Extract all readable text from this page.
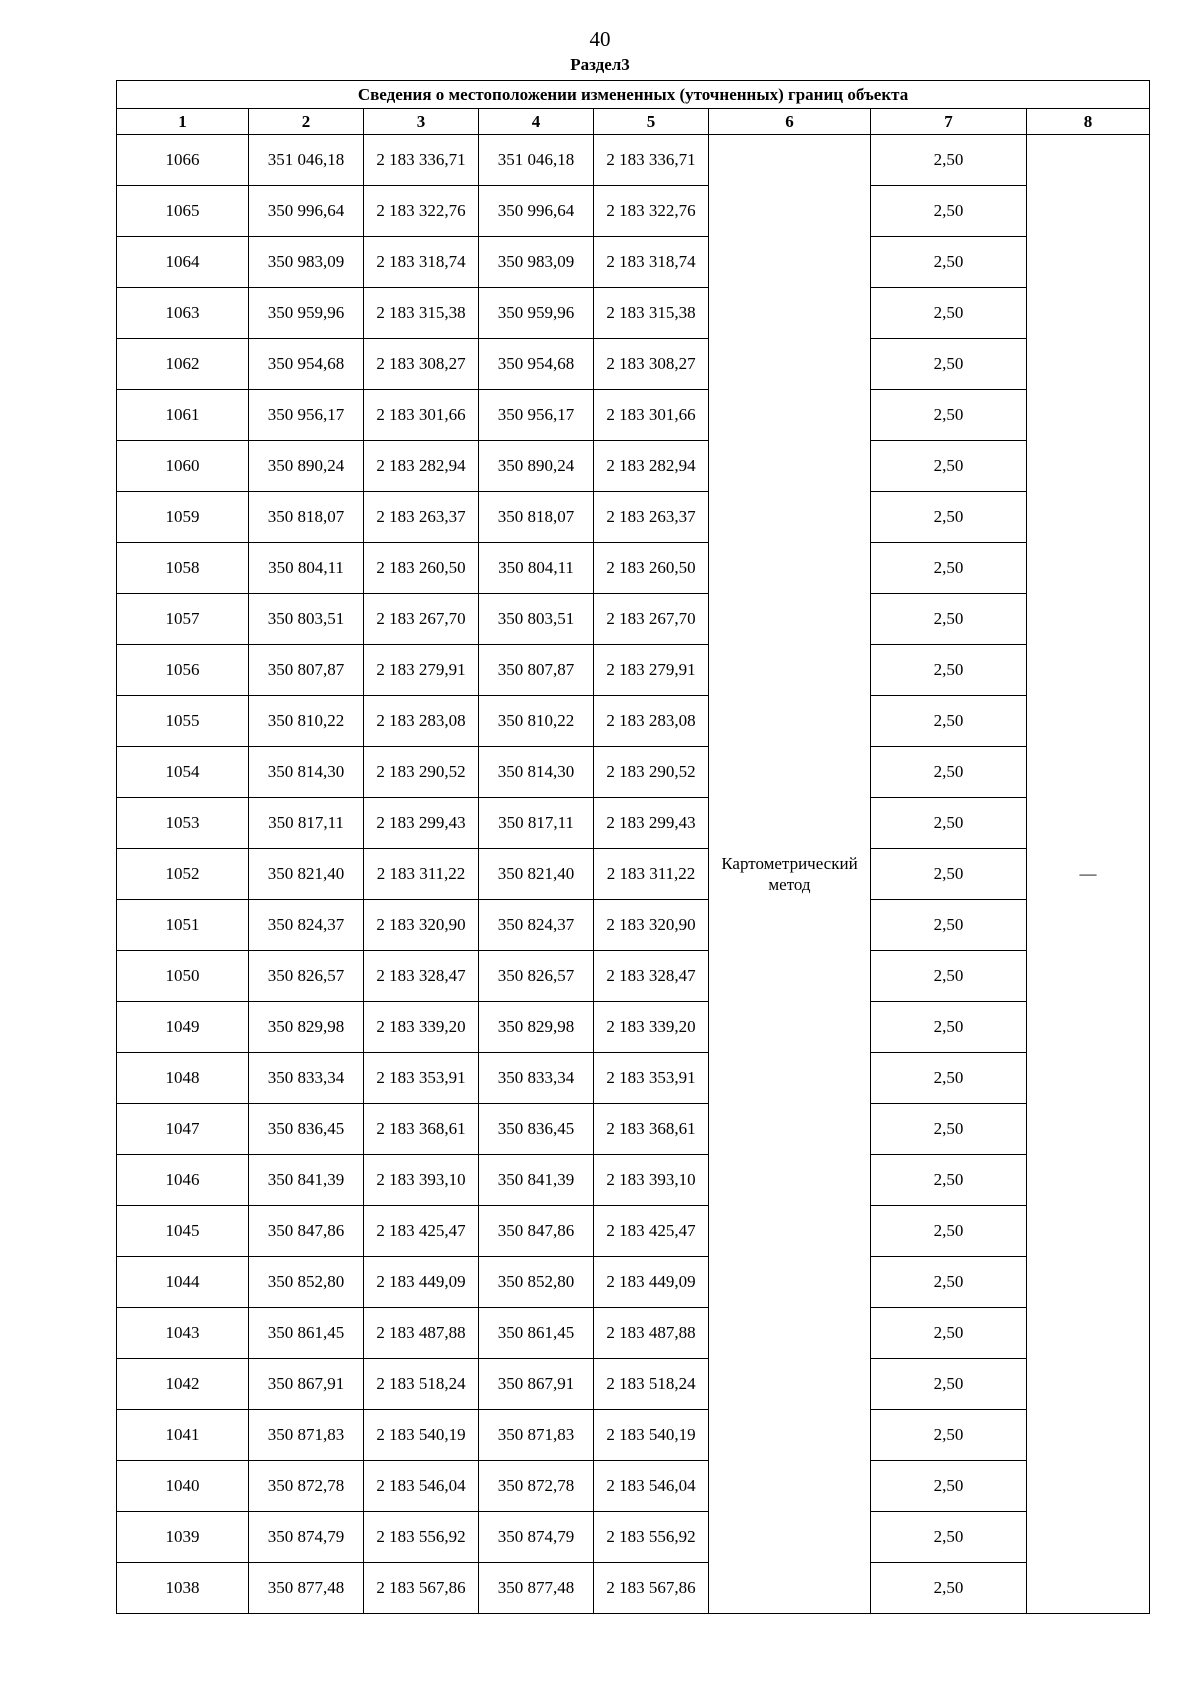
40
Раздел3
Сведения о местоположении измененных (уточненных) границ объекта							
1	2	3	4	5	6	7	8
1066	351 046,18	2 183 336,71	351 046,18	2 183 336,71	Картометрический метод	2,50	—
1065	350 996,64	2 183 322,76	350 996,64	2 183 322,76		2,50	
1064	350 983,09	2 183 318,74	350 983,09	2 183 318,74		2,50	
1063	350 959,96	2 183 315,38	350 959,96	2 183 315,38		2,50	
1062	350 954,68	2 183 308,27	350 954,68	2 183 308,27		2,50	
1061	350 956,17	2 183 301,66	350 956,17	2 183 301,66		2,50	
1060	350 890,24	2 183 282,94	350 890,24	2 183 282,94		2,50	
1059	350 818,07	2 183 263,37	350 818,07	2 183 263,37		2,50	
1058	350 804,11	2 183 260,50	350 804,11	2 183 260,50		2,50	
1057	350 803,51	2 183 267,70	350 803,51	2 183 267,70		2,50	
1056	350 807,87	2 183 279,91	350 807,87	2 183 279,91		2,50	
1055	350 810,22	2 183 283,08	350 810,22	2 183 283,08		2,50	
1054	350 814,30	2 183 290,52	350 814,30	2 183 290,52		2,50	
1053	350 817,11	2 183 299,43	350 817,11	2 183 299,43		2,50	
1052	350 821,40	2 183 311,22	350 821,40	2 183 311,22		2,50	
1051	350 824,37	2 183 320,90	350 824,37	2 183 320,90		2,50	
1050	350 826,57	2 183 328,47	350 826,57	2 183 328,47		2,50	
1049	350 829,98	2 183 339,20	350 829,98	2 183 339,20		2,50	
1048	350 833,34	2 183 353,91	350 833,34	2 183 353,91		2,50	
1047	350 836,45	2 183 368,61	350 836,45	2 183 368,61		2,50	
1046	350 841,39	2 183 393,10	350 841,39	2 183 393,10		2,50	
1045	350 847,86	2 183 425,47	350 847,86	2 183 425,47		2,50	
1044	350 852,80	2 183 449,09	350 852,80	2 183 449,09		2,50	
1043	350 861,45	2 183 487,88	350 861,45	2 183 487,88		2,50	
1042	350 867,91	2 183 518,24	350 867,91	2 183 518,24		2,50	
1041	350 871,83	2 183 540,19	350 871,83	2 183 540,19		2,50	
1040	350 872,78	2 183 546,04	350 872,78	2 183 546,04		2,50	
1039	350 874,79	2 183 556,92	350 874,79	2 183 556,92		2,50	
1038	350 877,48	2 183 567,86	350 877,48	2 183 567,86		2,50	
